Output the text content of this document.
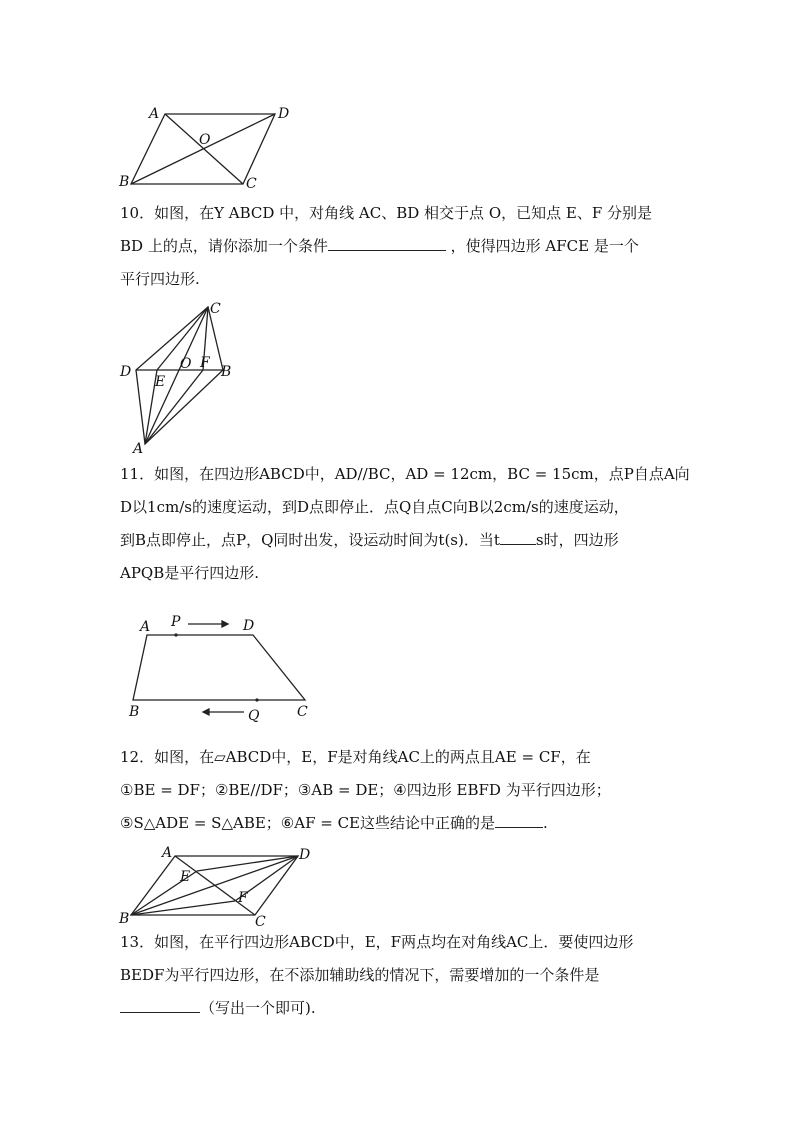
A	D
O
B	C
10．如图，在Y ABCD 中，对角线 AC、BD 相交于点 O，已知点 E、F 分别是
BD 上的点，请你添加一个条件	，使得四边形 AFCE 是一个
平行四边形.
C
D	O F
B
E
A
11．如图，在四边形ABCD中，AD//BC，AD = 12cm，BC = 15cm，点P自点A向
D以1cm/s的速度运动，到D点即停止．点Q自点C向B以2cm/s的速度运动，
到B点即停止，点P，Q同时出发，设运动时间为t(s)．当t s时，四边形
APQB是平行四边形.
A P	D
B	Q	C
12．如图，在▱ABCD中，E，F是对角线AC上的两点且AE = CF，在
①BE = DF；②BE//DF；③AB = DE；④四边形 EBFD 为平行四边形；
⑤S△ADE = S△ABE；⑥AF = CE这些结论中正确的是	.
A	D
E
F
B	C
13．如图，在平行四边形ABCD中，E，F两点均在对角线AC上．要使四边形
BEDF为平行四边形，在不添加辅助线的情况下，需要增加的一个条件是
（写出一个即可).
